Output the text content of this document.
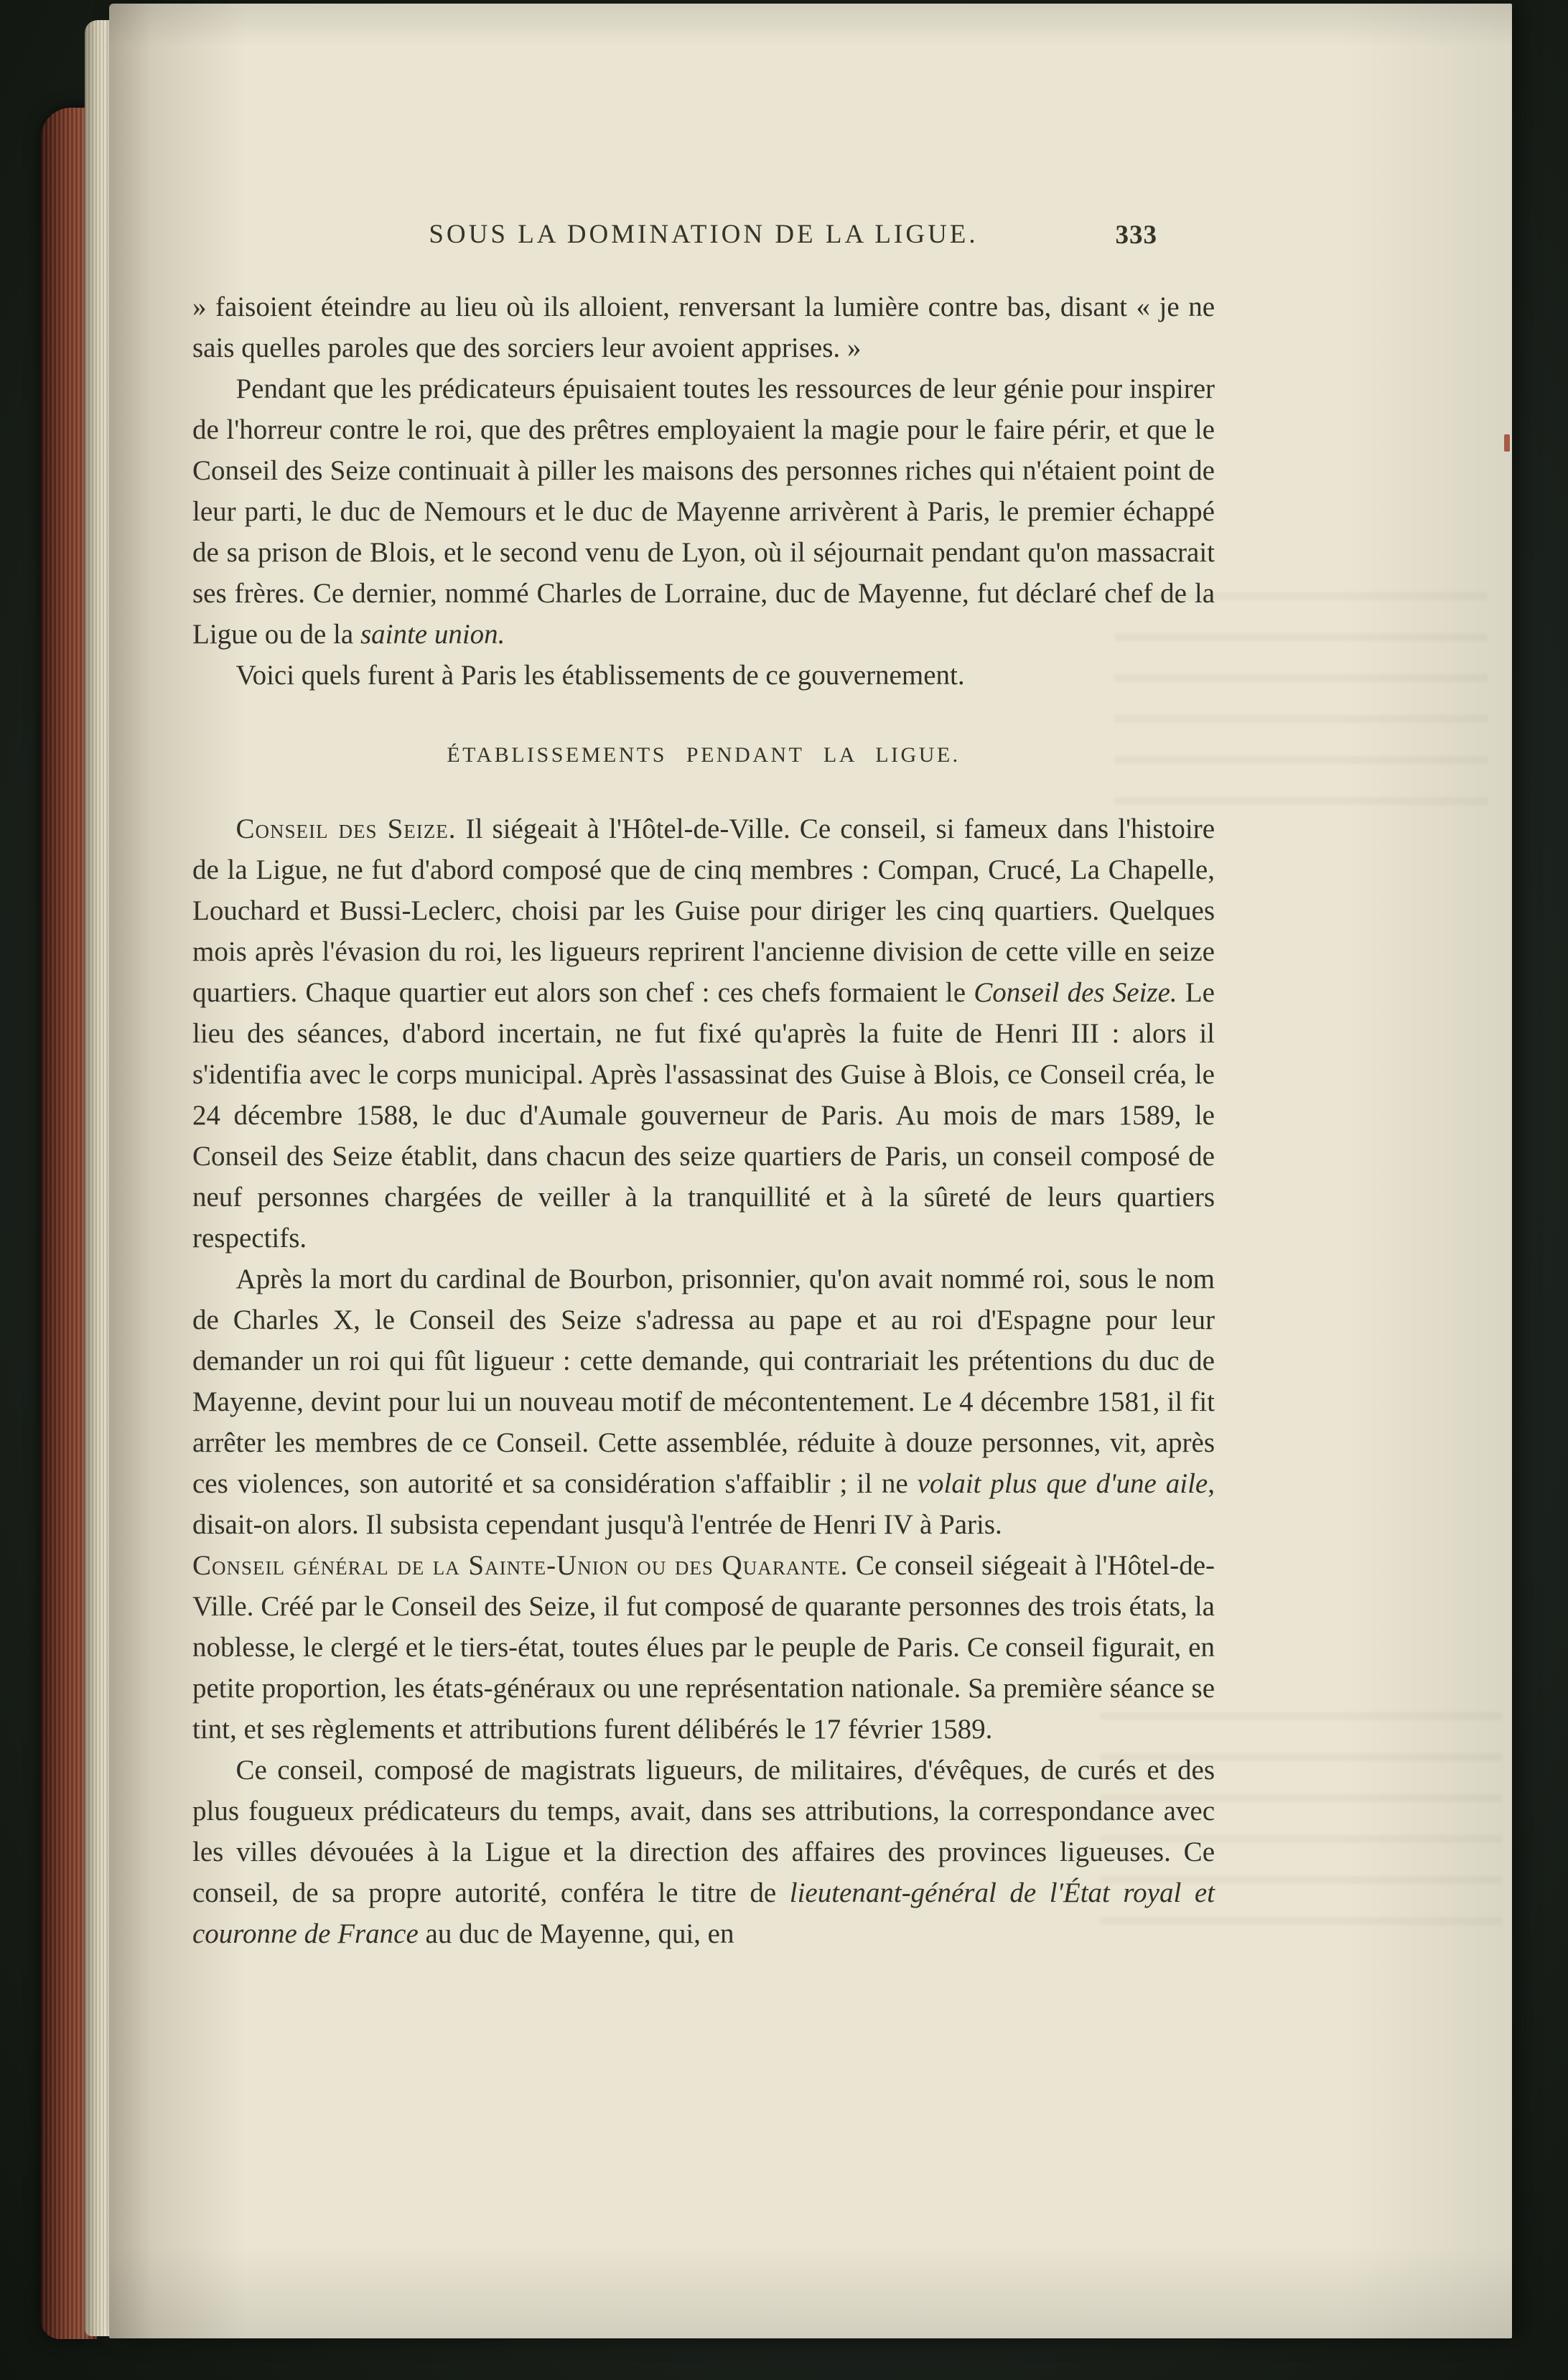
SOUS LA DOMINATION DE LA LIGUE.	333

» faisoient éteindre au lieu où ils alloient, renversant la lumière contre bas, disant « je ne sais quelles paroles que des sorciers leur avoient apprises. »

Pendant que les prédicateurs épuisaient toutes les ressources de leur génie pour inspirer de l'horreur contre le roi, que des prêtres employaient la magie pour le faire périr, et que le Conseil des Seize continuait à piller les maisons des personnes riches qui n'étaient point de leur parti, le duc de Nemours et le duc de Mayenne arrivèrent à Paris, le premier échappé de sa prison de Blois, et le second venu de Lyon, où il séjournait pendant qu'on massacrait ses frères. Ce dernier, nommé Charles de Lorraine, duc de Mayenne, fut déclaré chef de la Ligue ou de la sainte union.

Voici quels furent à Paris les établissements de ce gouvernement.

ÉTABLISSEMENTS PENDANT LA LIGUE.

Conseil des Seize. Il siégeait à l'Hôtel-de-Ville. Ce conseil, si fameux dans l'histoire de la Ligue, ne fut d'abord composé que de cinq membres : Compan, Crucé, La Chapelle, Louchard et Bussi-Leclerc, choisi par les Guise pour diriger les cinq quartiers. Quelques mois après l'évasion du roi, les ligueurs reprirent l'ancienne division de cette ville en seize quartiers. Chaque quartier eut alors son chef : ces chefs formaient le Conseil des Seize. Le lieu des séances, d'abord incertain, ne fut fixé qu'après la fuite de Henri III : alors il s'identifia avec le corps municipal. Après l'assassinat des Guise à Blois, ce Conseil créa, le 24 décembre 1588, le duc d'Aumale gouverneur de Paris. Au mois de mars 1589, le Conseil des Seize établit, dans chacun des seize quartiers de Paris, un conseil composé de neuf personnes chargées de veiller à la tranquillité et à la sûreté de leurs quartiers respectifs.

Après la mort du cardinal de Bourbon, prisonnier, qu'on avait nommé roi, sous le nom de Charles X, le Conseil des Seize s'adressa au pape et au roi d'Espagne pour leur demander un roi qui fût ligueur : cette demande, qui contrariait les prétentions du duc de Mayenne, devint pour lui un nouveau motif de mécontentement. Le 4 décembre 1581, il fit arrêter les membres de ce Conseil. Cette assemblée, réduite à douze personnes, vit, après ces violences, son autorité et sa considération s'affaiblir ; il ne volait plus que d'une aile, disait-on alors. Il subsista cependant jusqu'à l'entrée de Henri IV à Paris.

Conseil général de la Sainte-Union ou des Quarante. Ce conseil siégeait à l'Hôtel-de-Ville. Créé par le Conseil des Seize, il fut composé de quarante personnes des trois états, la noblesse, le clergé et le tiers-état, toutes élues par le peuple de Paris. Ce conseil figurait, en petite proportion, les états-généraux ou une représentation nationale. Sa première séance se tint, et ses règlements et attributions furent délibérés le 17 février 1589.

Ce conseil, composé de magistrats ligueurs, de militaires, d'évêques, de curés et des plus fougueux prédicateurs du temps, avait, dans ses attributions, la correspondance avec les villes dévouées à la Ligue et la direction des affaires des provinces ligueuses. Ce conseil, de sa propre autorité, conféra le titre de lieutenant-général de l'État royal et couronne de France au duc de Mayenne, qui, en
